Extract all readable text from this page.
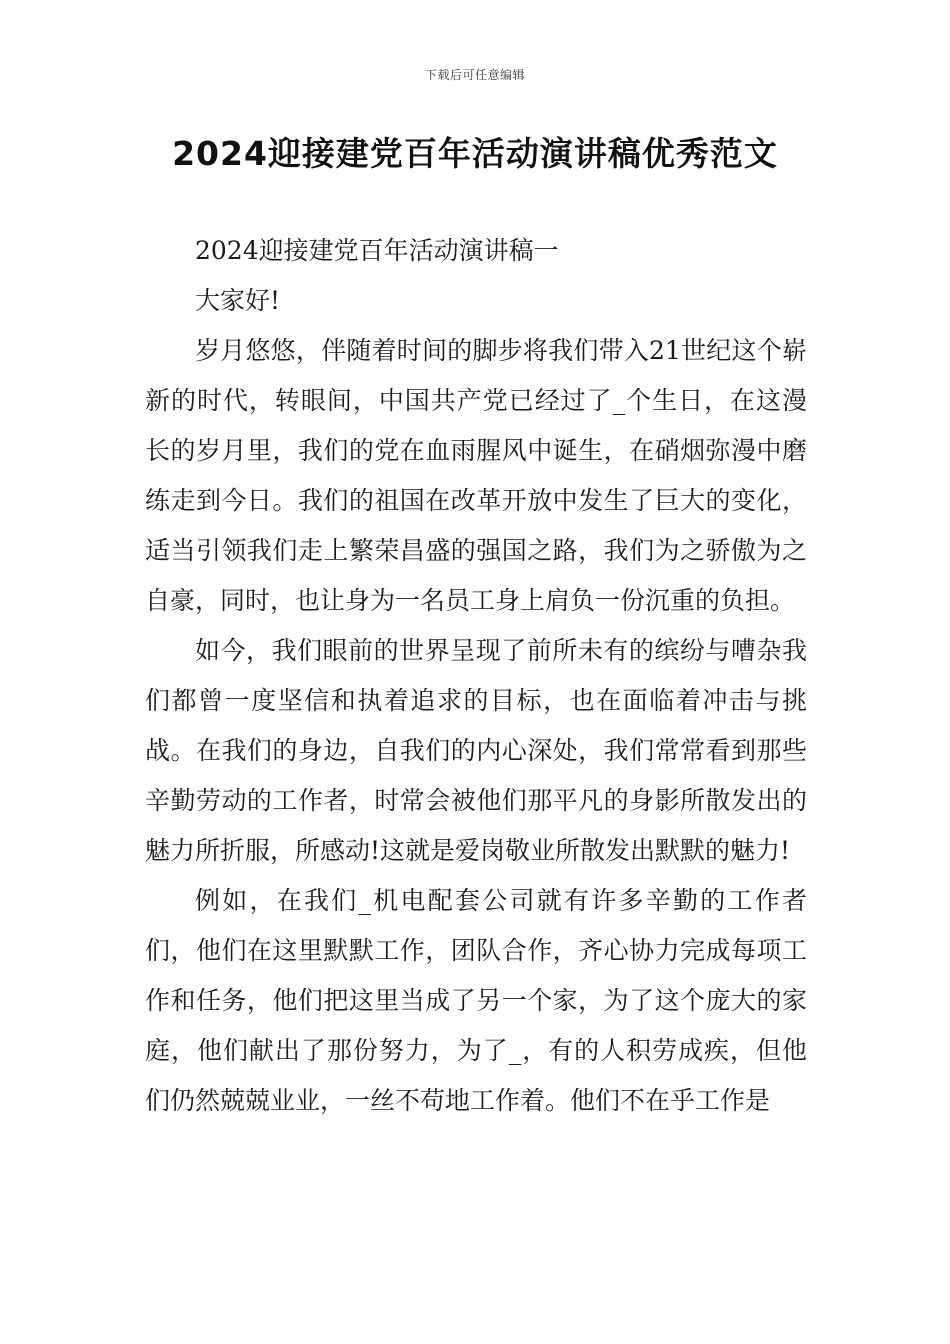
下载后可任意编辑
2024迎接建党百年活动演讲稿优秀范文

2024迎接建党百年活动演讲稿一

大家好!

岁月悠悠，伴随着时间的脚步将我们带入21世纪这个崭新的时代，转眼间，中国共产党已经过了_个生日，在这漫长的岁月里，我们的党在血雨腥风中诞生，在硝烟弥漫中磨练走到今日。我们的祖国在改革开放中发生了巨大的变化，适当引领我们走上繁荣昌盛的强国之路，我们为之骄傲为之自豪，同时，也让身为一名员工身上肩负一份沉重的负担。

如今，我们眼前的世界呈现了前所未有的缤纷与嘈杂我们都曾一度坚信和执着追求的目标，也在面临着冲击与挑战。在我们的身边，自我们的内心深处，我们常常看到那些辛勤劳动的工作者，时常会被他们那平凡的身影所散发出的魅力所折服，所感动!这就是爱岗敬业所散发出默默的魅力!

例如，在我们_机电配套公司就有许多辛勤的工作者们，他们在这里默默工作，团队合作，齐心协力完成每项工作和任务，他们把这里当成了另一个家，为了这个庞大的家庭，他们献出了那份努力，为了_，有的人积劳成疾，但他们仍然兢兢业业，一丝不苟地工作着。他们不在乎工作是
